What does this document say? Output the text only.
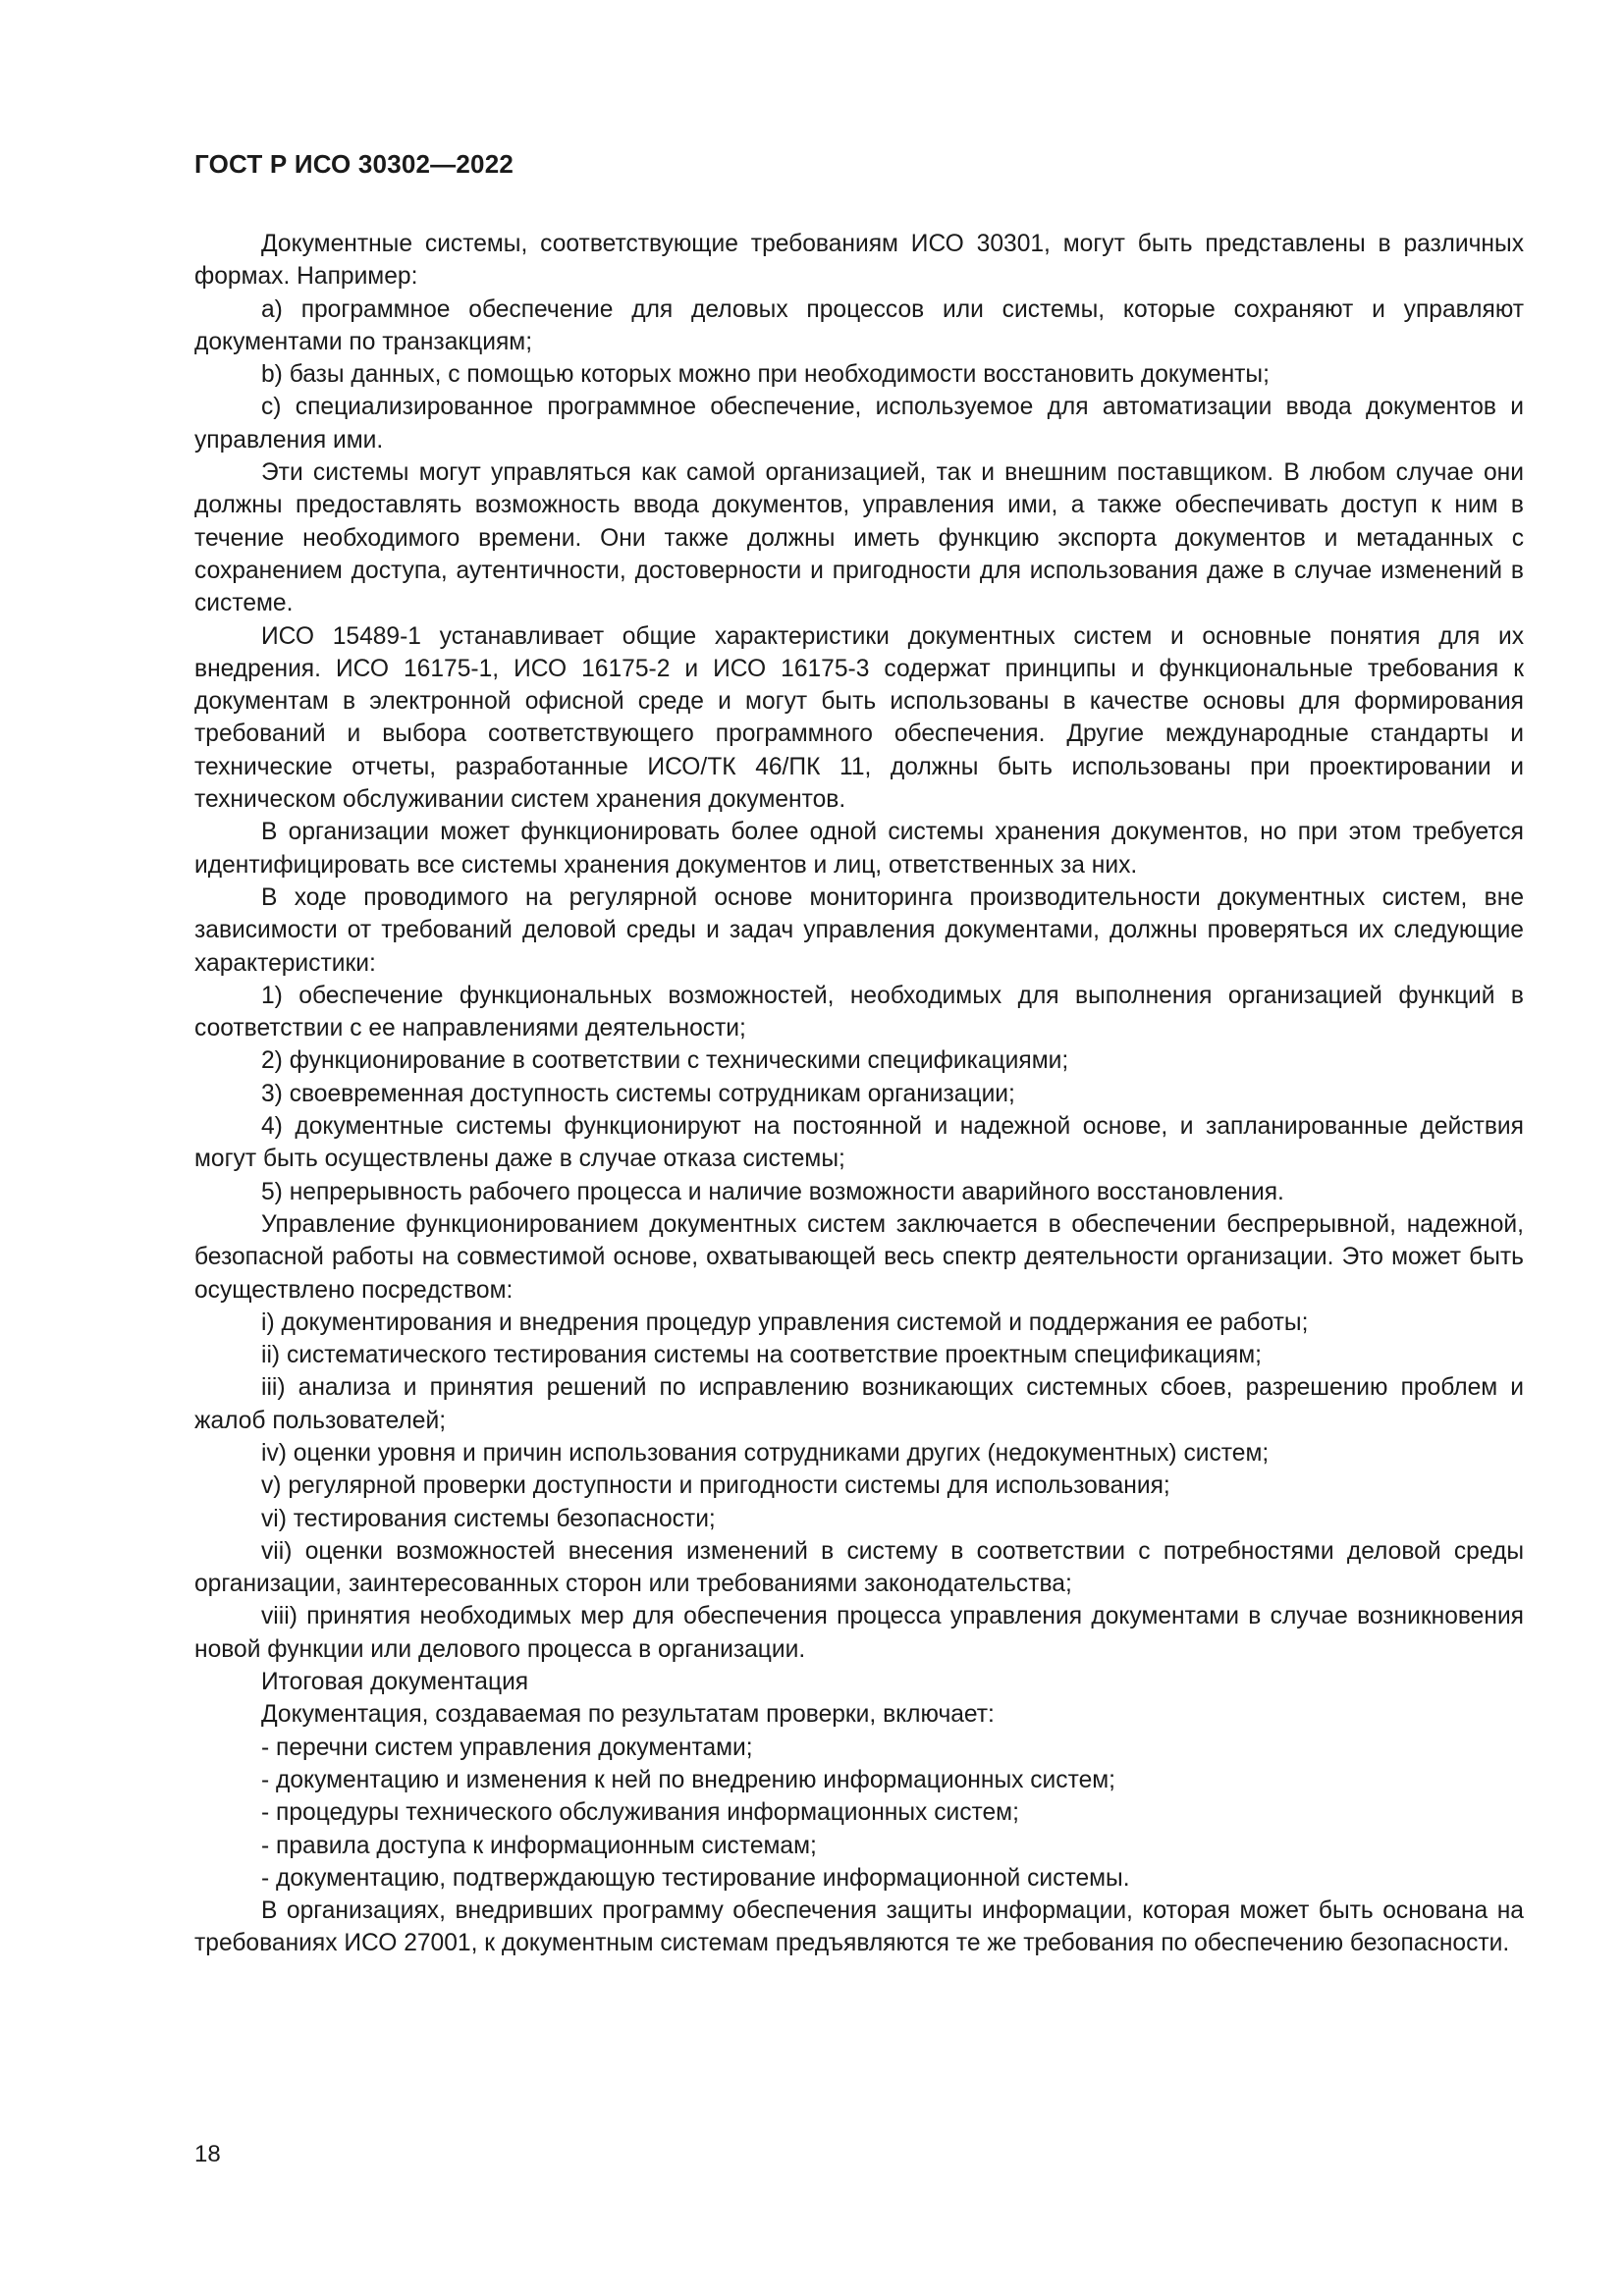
ГОСТ Р ИСО 30302—2022

Документные системы, соответствующие требованиям ИСО 30301, могут быть представлены в различных формах. Например:

a) программное обеспечение для деловых процессов или системы, которые сохраняют и управляют документами по транзакциям;

b) базы данных, с помощью которых можно при необходимости восстановить документы;

c) специализированное программное обеспечение, используемое для автоматизации ввода документов и управления ими.

Эти системы могут управляться как самой организацией, так и внешним поставщиком. В любом случае они должны предоставлять возможность ввода документов, управления ими, а также обеспечивать доступ к ним в течение необходимого времени. Они также должны иметь функцию экспорта документов и метаданных с сохранением доступа, аутентичности, достоверности и пригодности для использования даже в случае изменений в системе.

ИСО 15489-1 устанавливает общие характеристики документных систем и основные понятия для их внедрения. ИСО 16175-1, ИСО 16175-2 и ИСО 16175-3 содержат принципы и функциональные требования к документам в электронной офисной среде и могут быть использованы в качестве основы для формирования требований и выбора соответствующего программного обеспечения. Другие международные стандарты и технические отчеты, разработанные ИСО/ТК 46/ПК 11, должны быть использованы при проектировании и техническом обслуживании систем хранения документов.

В организации может функционировать более одной системы хранения документов, но при этом требуется идентифицировать все системы хранения документов и лиц, ответственных за них.

В ходе проводимого на регулярной основе мониторинга производительности документных систем, вне зависимости от требований деловой среды и задач управления документами, должны проверяться их следующие характеристики:

1) обеспечение функциональных возможностей, необходимых для выполнения организацией функций в соответствии с ее направлениями деятельности;

2) функционирование в соответствии с техническими спецификациями;

3) своевременная доступность системы сотрудникам организации;

4) документные системы функционируют на постоянной и надежной основе, и запланированные действия могут быть осуществлены даже в случае отказа системы;

5) непрерывность рабочего процесса и наличие возможности аварийного восстановления.

Управление функционированием документных систем заключается в обеспечении беспрерывной, надежной, безопасной работы на совместимой основе, охватывающей весь спектр деятельности организации. Это может быть осуществлено посредством:

i) документирования и внедрения процедур управления системой и поддержания ее работы;

ii) систематического тестирования системы на соответствие проектным спецификациям;

iii) анализа и принятия решений по исправлению возникающих системных сбоев, разрешению проблем и жалоб пользователей;

iv) оценки уровня и причин использования сотрудниками других (недокументных) систем;

v) регулярной проверки доступности и пригодности системы для использования;

vi) тестирования системы безопасности;

vii) оценки возможностей внесения изменений в систему в соответствии с потребностями деловой среды организации, заинтересованных сторон или требованиями законодательства;

viii) принятия необходимых мер для обеспечения процесса управления документами в случае возникновения новой функции или делового процесса в организации.

Итоговая документация

Документация, создаваемая по результатам проверки, включает:

- перечни систем управления документами;

- документацию и изменения к ней по внедрению информационных систем;

- процедуры технического обслуживания информационных систем;

- правила доступа к информационным системам;

- документацию, подтверждающую тестирование информационной системы.

В организациях, внедривших программу обеспечения защиты информации, которая может быть основана на требованиях ИСО 27001, к документным системам предъявляются те же требования по обеспечению безопасности.

18
